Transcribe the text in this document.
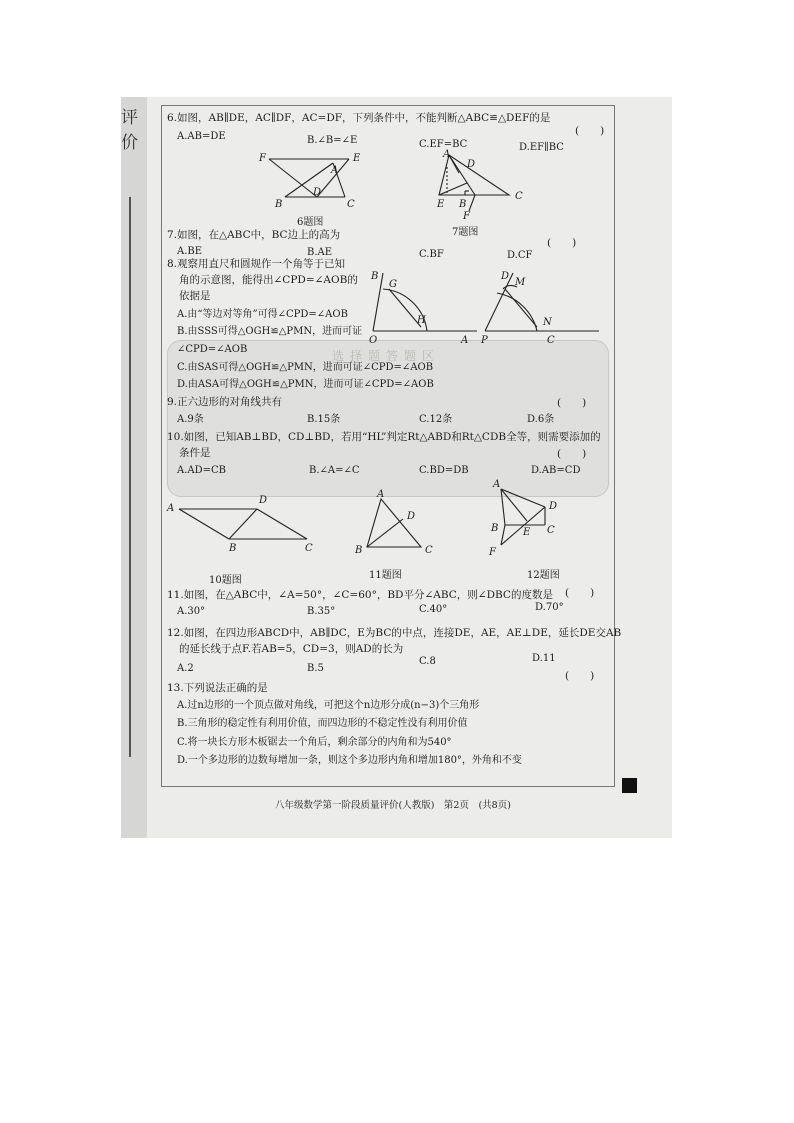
评价
选择题答题区
6.如图，AB∥DE，AC∥DF，AC=DF，下列条件中，不能判断△ABC≌△DEF的是
(　　)
A.AB=DE	B.∠B=∠E	C.EF=BC	D.EF∥BC
F	E
A
D
B	C
6题图
A
D
E B
C
F
7题图
7.如图，在△ABC中，BC边上的高为
(　　)
A.BE	B.AE	C.BF	D.CF
8.观察用直尺和圆规作一个角等于已知
角的示意图，能得出∠CPD=∠AOB的
依据是
A.由“等边对等角”可得∠CPD=∠AOB
B.由SSS可得△OGH≌△PMN，进而可证
∠CPD=∠AOB
C.由SAS可得△OGH≌△PMN，进而可证∠CPD=∠AOB
D.由ASA可得△OGH≌△PMN，进而可证∠CPD=∠AOB
B
G
O
H
A
D
M
P
N
C
9.正六边形的对角线共有	(　　)
A.9条	B.15条	C.12条	D.6条
10.如图，已知AB⊥BD，CD⊥BD，若用“HL”判定Rt△ABD和Rt△CDB全等，则需要添加的
条件是	(　　)
A.AD=CB	B.∠A=∠C	C.BD=DB	D.AB=CD
A
D
B	C
10题图
A
B
D
C
11题图
A
D
B E C
F
12题图
11.如图，在△ABC中，∠A=50°，∠C=60°，BD平分∠ABC，则∠DBC的度数是 (　　)
A.30°	B.35°	C.40°	D.70°
12.如图，在四边形ABCD中，AB∥DC，E为BC的中点，连接DE，AE，AE⊥DE，延长DE交AB
的延长线于点F.若AB=5，CD=3，则AD的长为
A.2	B.5
C.8	D.11
(　　)
13.下列说法正确的是
A.过n边形的一个顶点做对角线，可把这个n边形分成(n−3)个三角形
B.三角形的稳定性有利用价值，而四边形的不稳定性没有利用价值
C.将一块长方形木板锯去一个角后，剩余部分的内角和为540°
D.一个多边形的边数每增加一条，则这个多边形内角和增加180°，外角和不变
八年级数学第一阶段质量评价(人教版)　第2页　(共8页)
